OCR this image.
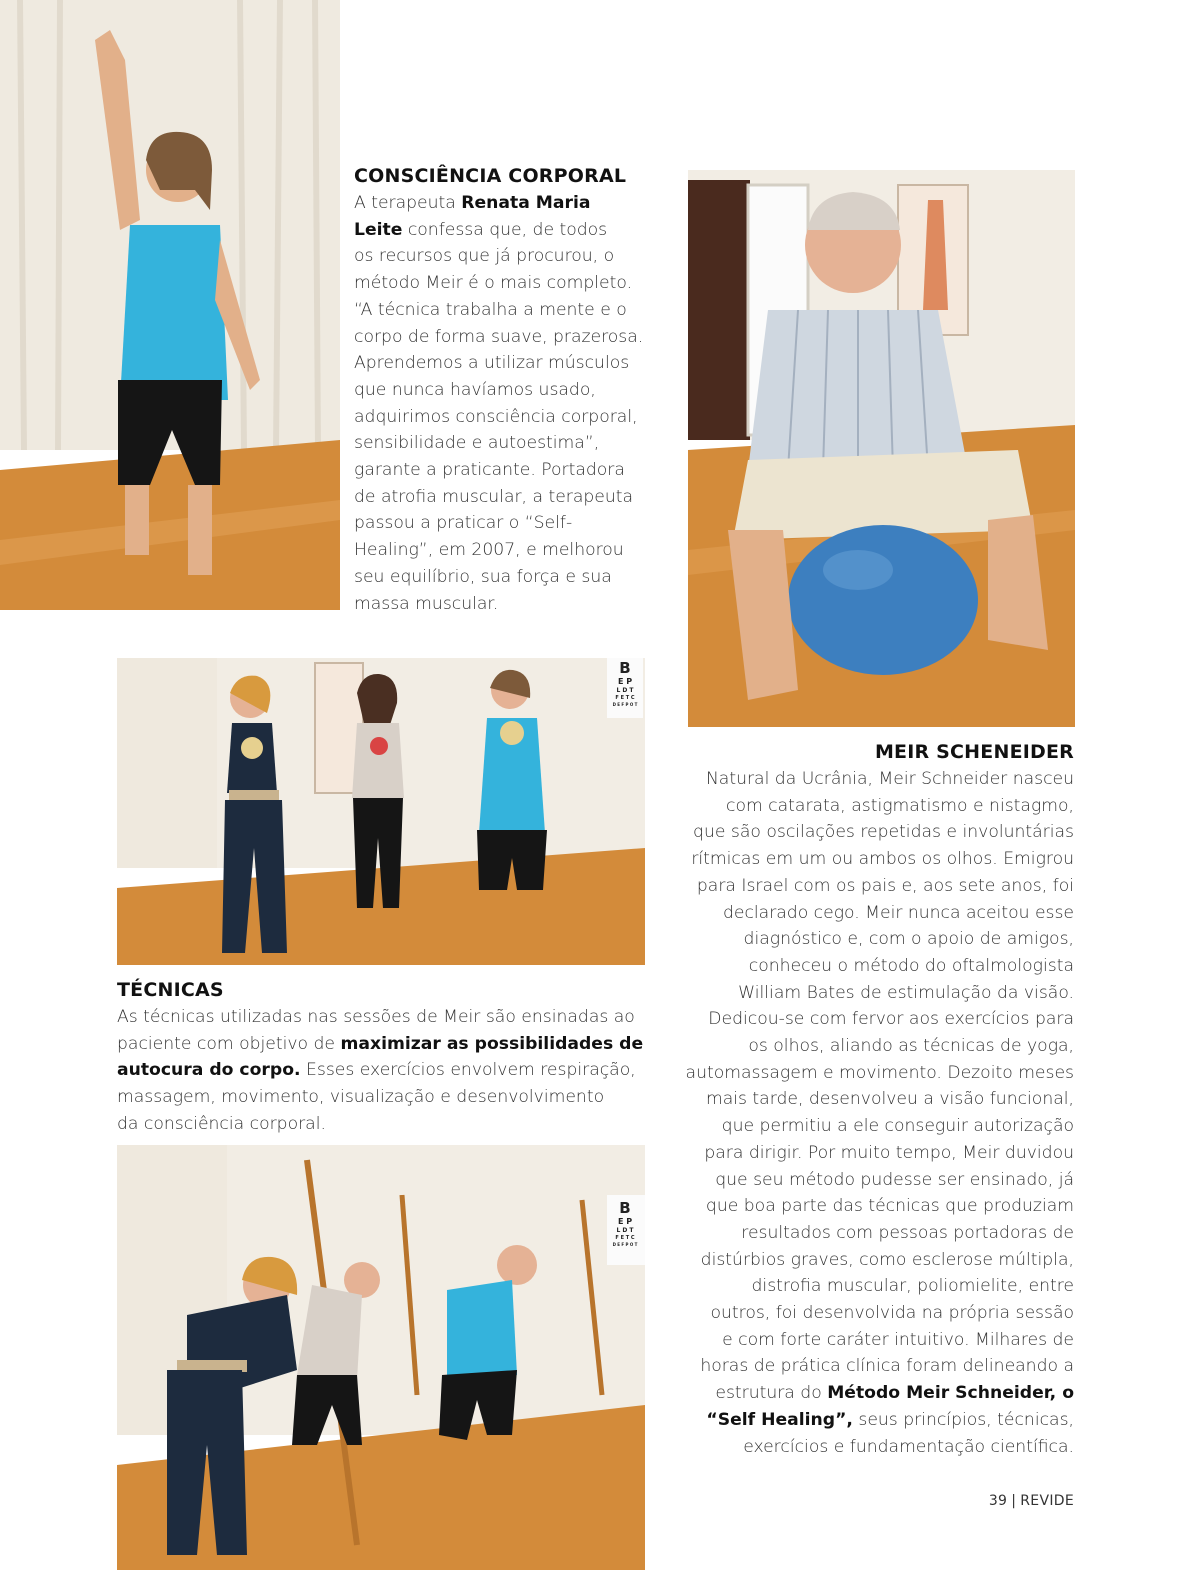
B
E P
L D T
F E T C
D E F P O T
B
E P
L D T
F E T C
D E F P O T
CONSCIÊNCIA CORPORAL
A terapeuta Renata Maria
Leite confessa que, de todos
os recursos que já procurou, o
método Meir é o mais completo.
“A técnica trabalha a mente e o
corpo de forma suave, prazerosa.
Aprendemos a utilizar músculos
que nunca havíamos usado,
adquirimos consciência corporal,
sensibilidade e autoestima”,
garante a praticante. Portadora
de atrofia muscular, a terapeuta
passou a praticar o “Self-
Healing”, em 2007, e melhorou
seu equilíbrio, sua força e sua
massa muscular.
MEIR SCHENEIDER
Natural da Ucrânia, Meir Schneider nasceu
com catarata, astigmatismo e nistagmo,
que são oscilações repetidas e involuntárias
rítmicas em um ou ambos os olhos. Emigrou
para Israel com os pais e, aos sete anos, foi
declarado cego. Meir nunca aceitou esse
diagnóstico e, com o apoio de amigos,
conheceu o método do oftalmologista
William Bates de estimulação da visão.
Dedicou-se com fervor aos exercícios para
os olhos, aliando as técnicas de yoga,
automassagem e movimento. Dezoito meses
mais tarde, desenvolveu a visão funcional,
que permitiu a ele conseguir autorização
para dirigir. Por muito tempo, Meir duvidou
que seu método pudesse ser ensinado, já
que boa parte das técnicas que produziam
resultados com pessoas portadoras de
distúrbios graves, como esclerose múltipla,
distrofia muscular, poliomielite, entre
outros, foi desenvolvida na própria sessão
e com forte caráter intuitivo. Milhares de
horas de prática clínica foram delineando a
estrutura do Método Meir Schneider, o
“Self Healing”, seus princípios, técnicas,
exercícios e fundamentação científica.
TÉCNICAS
As técnicas utilizadas nas sessões de Meir são ensinadas ao
paciente com objetivo de maximizar as possibilidades de
autocura do corpo. Esses exercícios envolvem respiração,
massagem, movimento, visualização e desenvolvimento
da consciência corporal.
39 | REVIDE
